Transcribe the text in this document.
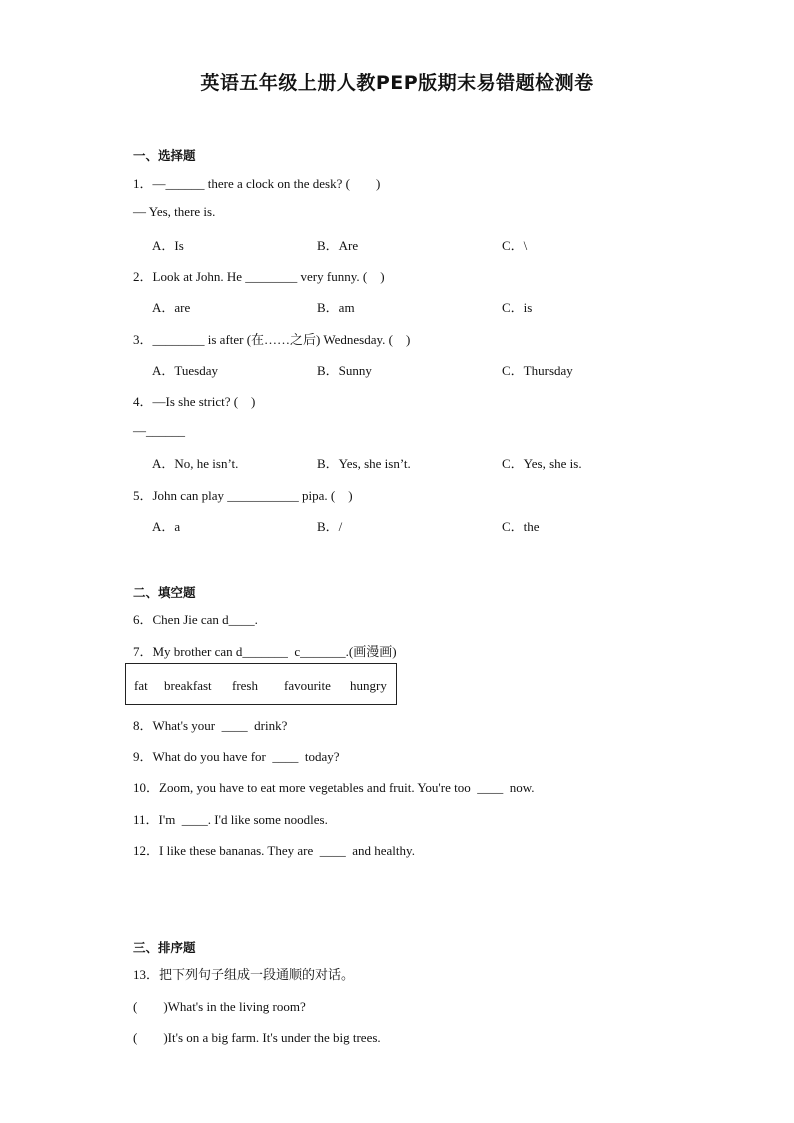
英语五年级上册人教PEP版期末易错题检测卷
一、选择题
1．—______ there a clock on the desk? (　　)
— Yes, there is.
A．Is	B．Are	C．\
2．Look at John. He ________ very funny. (　)
A．are	B．am	C．is
3．________ is after (在……之后) Wednesday. (　)
A．Tuesday	B．Sunny	C．Thursday
4．—Is she strict? (　)
—______
A．No, he isn’t.	B．Yes, she isn’t.	C．Yes, she is.
5．John can play ___________ pipa. (　)
A．a	B．/	C．the
二、填空题
6．Chen Jie can d____.
7．My brother can d_______  c_______.(画漫画)
fat breakfast fresh favourite hungry
8．What's your  ____  drink?
9．What do you have for  ____  today?
10．Zoom, you have to eat more vegetables and fruit. You're too  ____  now.
11．I'm  ____. I'd like some noodles.
12．I like these bananas. They are  ____  and healthy.
三、排序题
13．把下列句子组成一段通顺的对话。
(　　)What's in the living room?
(　　)It's on a big farm. It's under the big trees.
